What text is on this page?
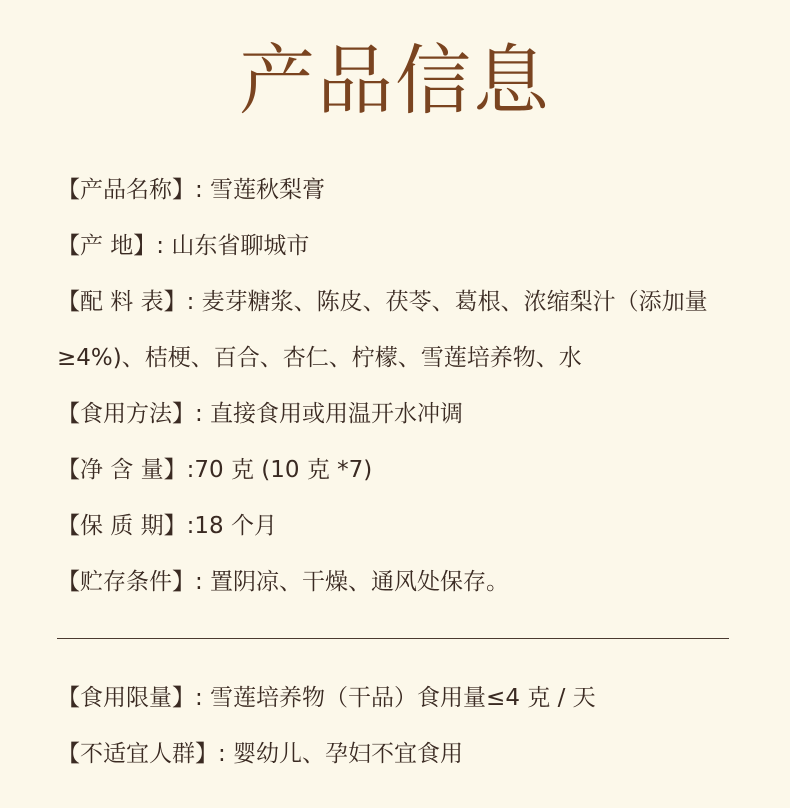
产品信息
【产品名称】: 雪莲秋梨膏
【产 地】: 山东省聊城市
【配 料 表】: 麦芽糖浆、陈皮、茯苓、葛根、浓缩梨汁（添加量
≥4%)、桔梗、百合、杏仁、柠檬、雪莲培养物、水
【食用方法】: 直接食用或用温开水冲调
【净 含 量】:70 克 (10 克 *7)
【保 质 期】:18 个月
【贮存条件】: 置阴凉、干燥、通风处保存。
【食用限量】: 雪莲培养物（干品）食用量≤4 克 / 天
【不适宜人群】: 婴幼儿、孕妇不宜食用
